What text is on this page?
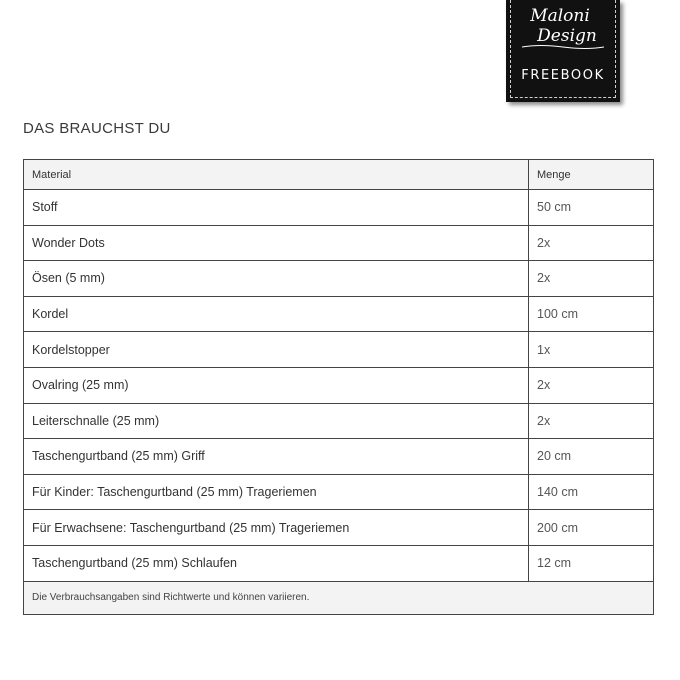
Maloni
Design
FREEBOOK
DAS BRAUCHST DU
Material	Menge
Stoff	50 cm
Wonder Dots	2x
Ösen (5 mm)	2x
Kordel	100 cm
Kordelstopper	1x
Ovalring (25 mm)	2x
Leiterschnalle (25 mm)	2x
Taschengurtband (25 mm) Griff	20 cm
Für Kinder: Taschengurtband (25 mm) Trageriemen	140 cm
Für Erwachsene: Taschengurtband (25 mm) Trageriemen	200 cm
Taschengurtband (25 mm) Schlaufen	12 cm
Die Verbrauchsangaben sind Richtwerte und können variieren.	
